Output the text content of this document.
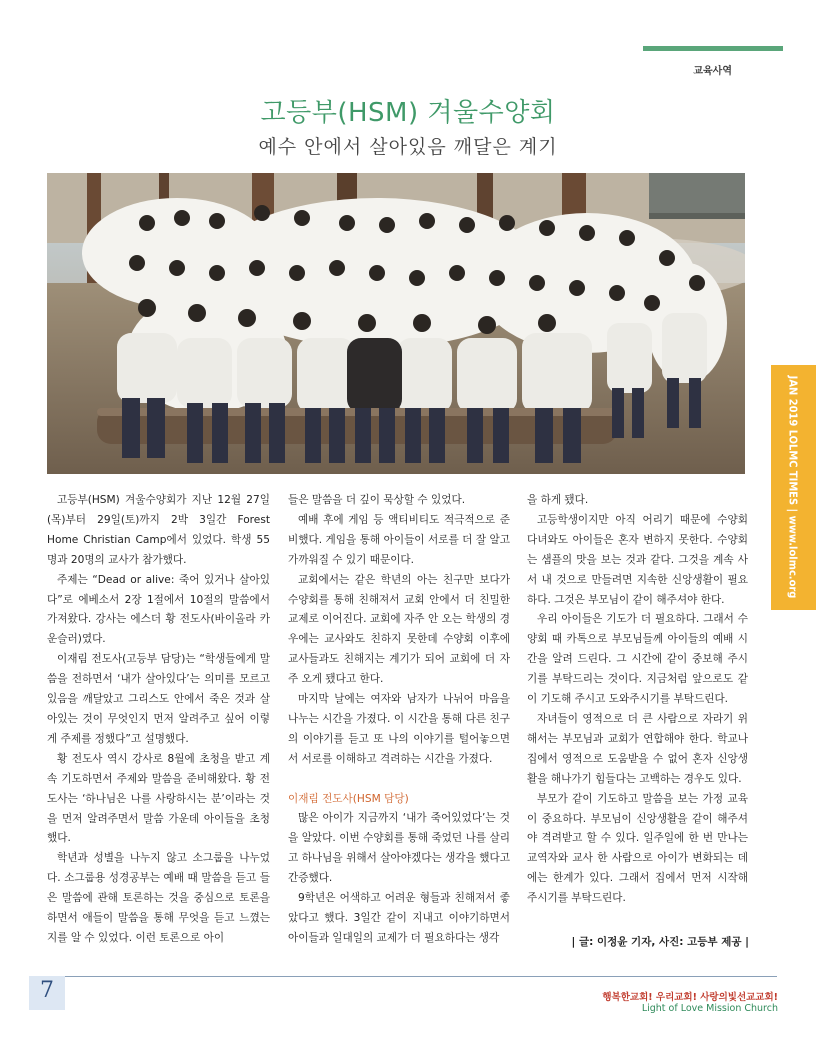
교육사역
고등부(HSM) 겨울수양회
예수 안에서 살아있음 깨달은 계기
JAN 2019 LOLMC TIMES | www.lolmc.org

고등부(HSM) 겨울수양회가 지난 12월 27일(목)부터 29일(토)까지 2박 3일간 Forest Home Christian Camp에서 있었다. 학생 55명과 20명의 교사가 참가했다.

주제는 “Dead or alive: 죽어 있거나 살아있다”로 에베소서 2장 1절에서 10절의 말씀에서 가져왔다. 강사는 에스더 황 전도사(바이올라 카운슬러)였다.

이재림 전도사(고등부 담당)는 “학생들에게 말씀을 전하면서 ‘내가 살아있다’는 의미를 모르고 있음을 깨달았고 그리스도 안에서 죽은 것과 살아있는 것이 무엇인지 먼저 알려주고 싶어 이렇게 주제를 정했다”고 설명했다.

황 전도사 역시 강사로 8월에 초청을 받고 계속 기도하면서 주제와 말씀을 준비해왔다. 황 전도사는 ‘하나님은 나를 사랑하시는 분’이라는 것을 먼저 알려주면서 말씀 가운데 아이들을 초청했다.

학년과 성별을 나누지 않고 소그룹을 나누었다. 소그룹용 성경공부는 예배 때 말씀을 듣고 들은 말씀에 관해 토론하는 것을 중심으로 토론을 하면서 애들이 말씀을 통해 무엇을 듣고 느꼈는지를 알 수 있었다. 이런 토론으로 아이

들은 말씀을 더 깊이 묵상할 수 있었다.

예배 후에 게임 등 액티비티도 적극적으로 준비했다. 게임을 통해 아이들이 서로를 더 잘 알고 가까워질 수 있기 때문이다.

교회에서는 같은 학년의 아는 친구만 보다가 수양회를 통해 친해져서 교회 안에서 더 친밀한 교제로 이어진다. 교회에 자주 안 오는 학생의 경우에는 교사와도 친하지 못한데 수양회 이후에 교사들과도 친해지는 계기가 되어 교회에 더 자주 오게 됐다고 한다.

마지막 날에는 여자와 남자가 나뉘어 마음을 나누는 시간을 가졌다. 이 시간을 통해 다른 친구의 이야기를 듣고 또 나의 이야기를 털어놓으면서 서로를 이해하고 격려하는 시간을 가졌다.

이재림 전도사(HSM 담당)

많은 아이가 지금까지 ‘내가 죽어있었다’는 것을 알았다. 이번 수양회를 통해 죽었던 나를 살리고 하나님을 위해서 살아야겠다는 생각을 했다고 간증했다.

9학년은 어색하고 어려운 형들과 친해져서 좋았다고 했다. 3일간 같이 지내고 이야기하면서 아이들과 일대일의 교제가 더 필요하다는 생각

을 하게 됐다.

고등학생이지만 아직 어리기 때문에 수양회 다녀와도 아이들은 혼자 변하지 못한다. 수양회는 샘플의 맛을 보는 것과 같다. 그것을 계속 사서 내 것으로 만들려면 지속한 신앙생활이 필요하다. 그것은 부모님이 같이 해주셔야 한다.

우리 아이들은 기도가 더 필요하다. 그래서 수양회 때 카톡으로 부모님들께 아이들의 예배 시간을 알려 드린다. 그 시간에 같이 중보해 주시기를 부탁드리는 것이다. 지금처럼 앞으로도 같이 기도해 주시고 도와주시기를 부탁드린다.

자녀들이 영적으로 더 큰 사람으로 자라기 위해서는 부모님과 교회가 연합해야 한다. 학교나 집에서 영적으로 도움받을 수 없어 혼자 신앙생활을 해나가기 힘들다는 고백하는 경우도 있다.

부모가 같이 기도하고 말씀을 보는 가정 교육이 중요하다. 부모님이 신앙생활을 같이 해주셔야 격려받고 할 수 있다. 일주일에 한 번 만나는 교역자와 교사 한 사람으로 아이가 변화되는 데에는 한계가 있다. 그래서 집에서 먼저 시작해 주시기를 부탁드린다.

| 글: 이정윤 기자, 사진: 고등부 제공 |
7	행복한교회! 우리교회! 사랑의빛선교교회!
Light of Love Mission Church
